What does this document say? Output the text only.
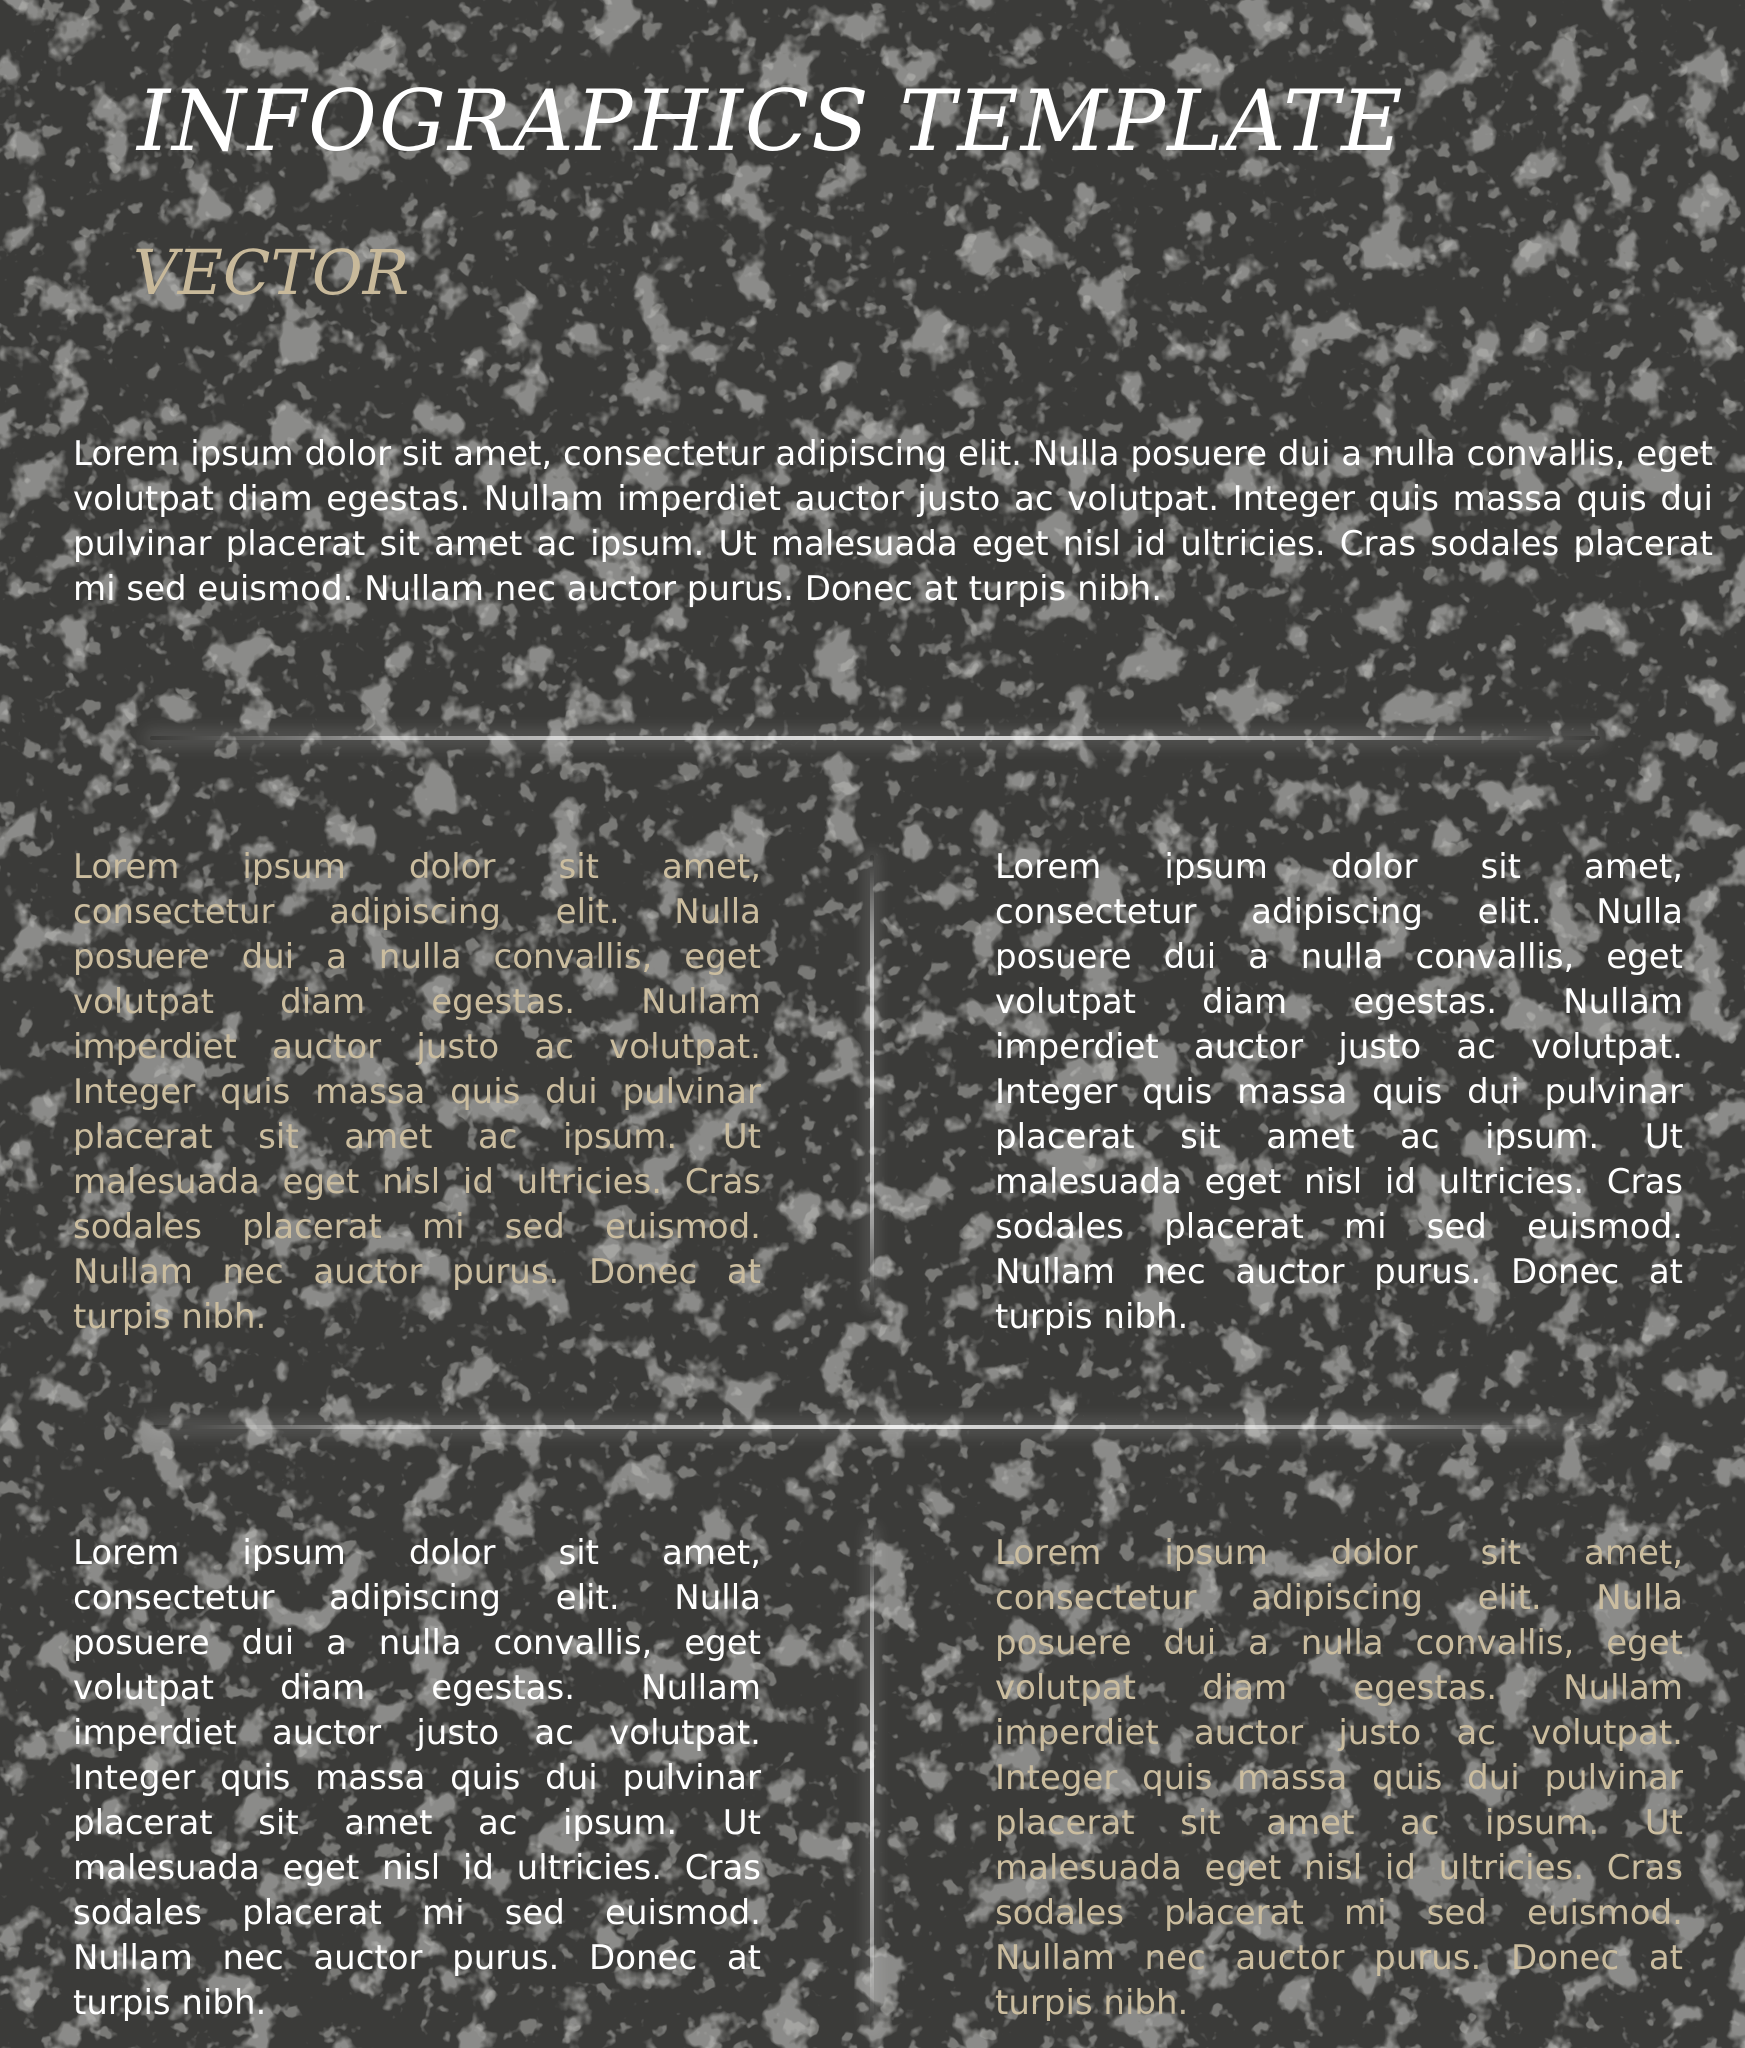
INFOGRAPHICS TEMPLATE
VECTOR

Lorem ipsum dolor sit amet, consectetur adipiscing elit. Nulla posuere dui a nulla convallis, eget volutpat diam egestas. Nullam imperdiet auctor justo ac volutpat. Integer quis massa quis dui pulvinar placerat sit amet ac ipsum. Ut malesuada eget nisl id ultricies. Cras sodales placerat mi sed euismod. Nullam nec auctor purus. Donec at turpis nibh.

Lorem ipsum dolor sit amet, consectetur adipiscing elit. Nulla posuere dui a nulla convallis, eget volutpat diam egestas. Nullam imperdiet auctor justo ac volutpat. Integer quis massa quis dui pulvinar placerat sit amet ac ipsum. Ut malesuada eget nisl id ultricies. Cras sodales placerat mi sed euismod. Nullam nec auctor purus. Donec at turpis nibh.

Lorem ipsum dolor sit amet, consectetur adipiscing elit. Nulla posuere dui a nulla convallis, eget volutpat diam egestas. Nullam imperdiet auctor justo ac volutpat. Integer quis massa quis dui pulvinar placerat sit amet ac ipsum. Ut malesuada eget nisl id ultricies. Cras sodales placerat mi sed euismod. Nullam nec auctor purus. Donec at turpis nibh.

Lorem ipsum dolor sit amet, consectetur adipiscing elit. Nulla posuere dui a nulla convallis, eget volutpat diam egestas. Nullam imperdiet auctor justo ac volutpat. Integer quis massa quis dui pulvinar placerat sit amet ac ipsum. Ut malesuada eget nisl id ultricies. Cras sodales placerat mi sed euismod. Nullam nec auctor purus. Donec at turpis nibh.

Lorem ipsum dolor sit amet, consectetur adipiscing elit. Nulla posuere dui a nulla convallis, eget volutpat diam egestas. Nullam imperdiet auctor justo ac volutpat. Integer quis massa quis dui pulvinar placerat sit amet ac ipsum. Ut malesuada eget nisl id ultricies. Cras sodales placerat mi sed euismod. Nullam nec auctor purus. Donec at turpis nibh.
